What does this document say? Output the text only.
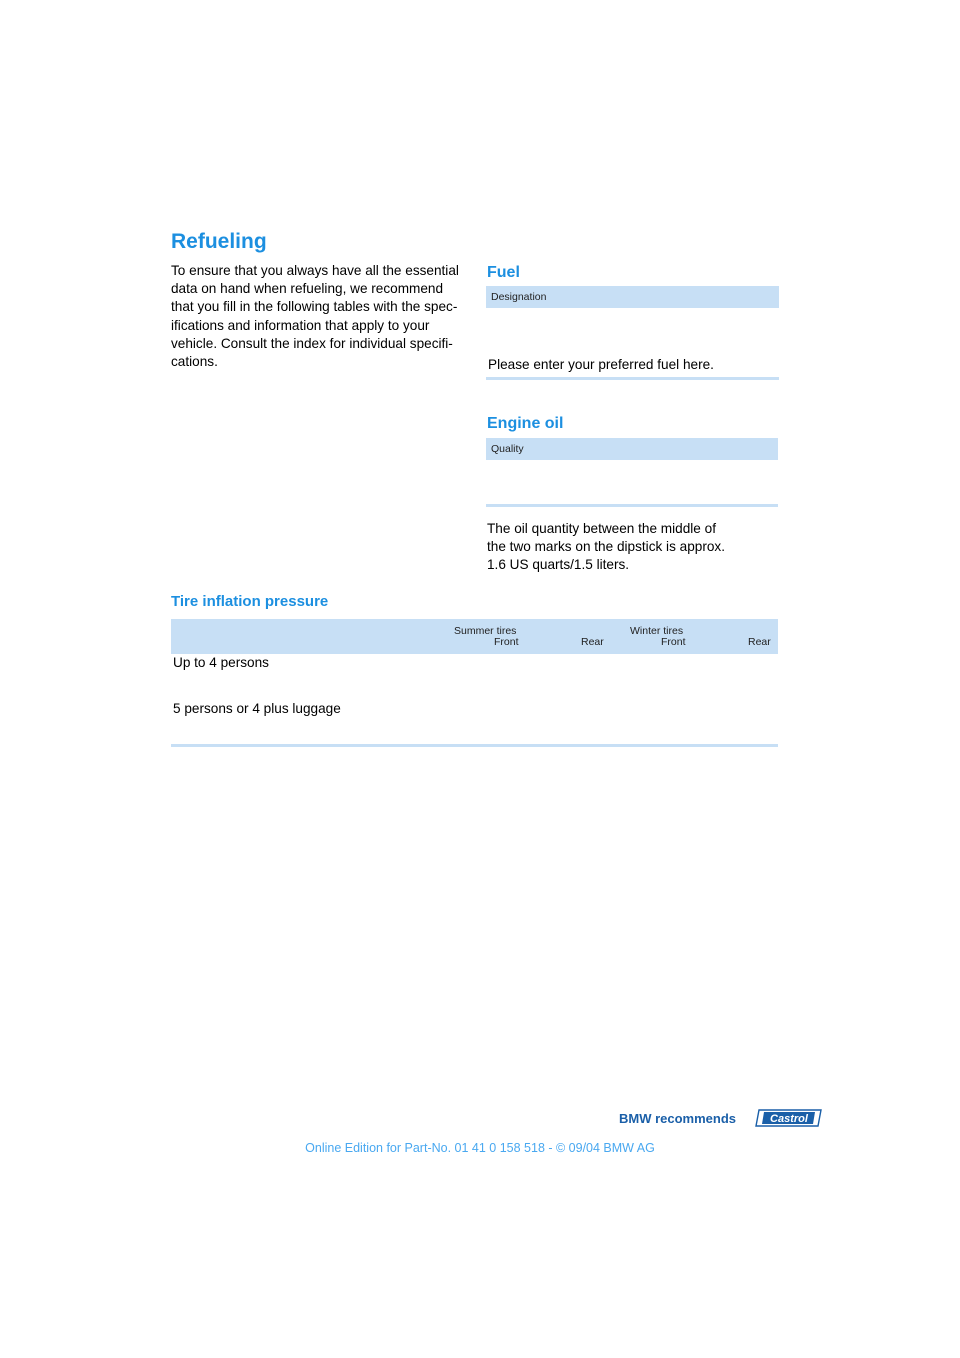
Refueling
To ensure that you always have all the essential
data on hand when refueling, we recommend
that you fill in the following tables with the spec-
ifications and information that apply to your
vehicle. Consult the index for individual specifi-
cations.
Fuel
Designation

Please enter your preferred fuel here.

Engine oil
Quality

The oil quantity between the middle of
the two marks on the dipstick is approx.
1.6 US quarts/1.5 liters.

Tire inflation pressure
Summer tires
Front	Rear
Winter tires
Front	Rear
Up to 4 persons
5 persons or 4 plus luggage
BMW recommends	Castrol
Online Edition for Part-No. 01 41 0 158 518 - © 09/04 BMW AG
